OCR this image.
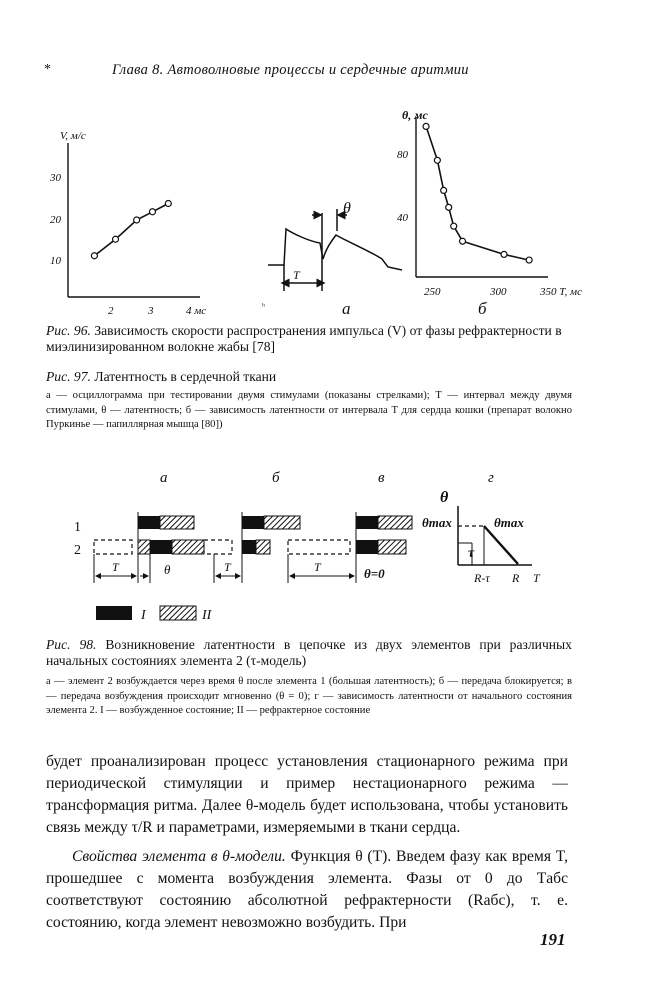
*	Глава 8. Автоволновые процессы и сердечные аритмии
V, м/с
30
20
10
2	3	4 мс
θ
T
ʰ	а
θ, мс
80
40
250	300	350 T, мс
б
Рис. 96. Зависимость скорости распространения импульса (V) от фазы рефрактерности в миэлинизированном волокне жабы [78]
Рис. 97. Латентность в сердечной ткани
а — осциллограмма при тестировании двумя стимулами (показаны стрелками); T — интервал между двумя стимулами, θ — латентность; б — зависимость латентности от интервала T для сердца кошки (препарат волокно Пуркинье — папиллярная мышца [80])
а	б	в	г
1
2
T	θ	T	T	θ=0
θ
θmax	θmax
τ
R-τ R T
I	II
Рис. 98. Возникновение латентности в цепочке из двух элементов при различных начальных состояниях элемента 2 (τ-модель)
а — элемент 2 возбуждается через время θ после элемента 1 (большая латентность); б — передача блокируется; в — передача возбуждения происходит мгновенно (θ = 0); г — зависимость латентности от начального состояния элемента 2. I — возбужденное состояние; II — рефрактерное состояние
будет проанализирован процесс установления стационарного режима при периодической стимуляции и пример нестационарного режима — трансформация ритма. Далее θ-модель будет использована, чтобы установить связь между τ/R и параметрами, измеряемыми в ткани сердца.
Свойства элемента в θ-модели. Функция θ (T). Введем фазу как время T, прошедшее с момента возбуждения элемента. Фазы от 0 до Tабс соответствуют состоянию абсолютной рефрактерности (Rабс), т. е. состоянию, когда элемент невозможно возбудить. При
191
